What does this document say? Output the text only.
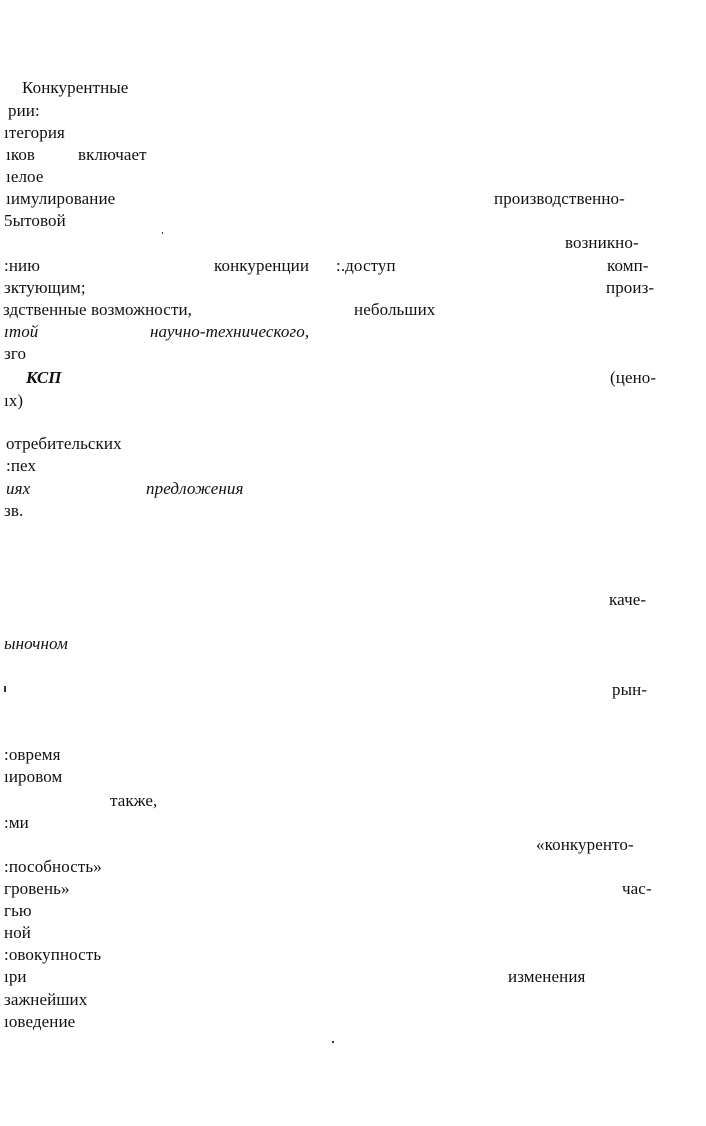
Конкурентные
рии:
ıтегория
ıков	включает
ıелое
ıимулирование	производственно-
5ытовой
возникно-
:нию	конкуренции :.доступ	комп-
зктующим;	произ-
здственные возможности,	небольших
ıтой	научно-технического,
зго
КСП	(цено-
ıх)
отребительских
:пех
иях	предложения
зв.
каче-
ыночном
рын-
:овремя
ıировом
также,
:ми
«конкуренто-
:пособность»
гровень»	час-
гью
ной
:овокупность
ıри	изменения
зажнейших
ıоведение
